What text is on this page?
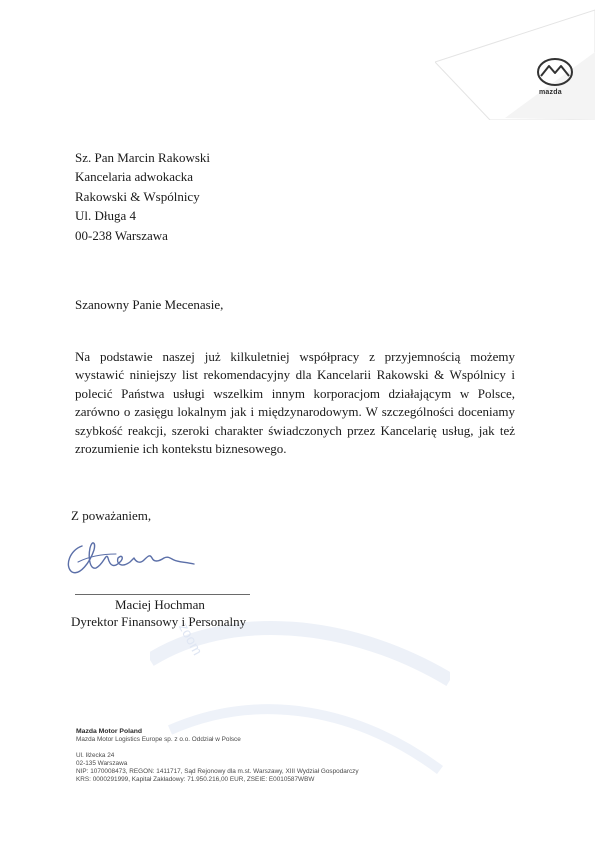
mazda
zoom
Sz. Pan Marcin Rakowski
Kancelaria adwokacka
Rakowski & Wspólnicy
Ul. Długa 4
00-238 Warszawa
Szanowny Panie Mecenasie,
Na podstawie naszej już kilkuletniej współpracy z przyjemnością możemy wystawić niniejszy list rekomendacyjny dla Kancelarii Rakowski & Wspólnicy i polecić Państwa usługi wszelkim innym korporacjom działającym w Polsce, zarówno o zasięgu lokalnym jak i międzynarodowym. W szczególności doceniamy szybkość reakcji, szeroki charakter świadczonych przez Kancelarię usług, jak też zrozumienie ich kontekstu biznesowego.
Z poważaniem,
Maciej Hochman
Dyrektor Finansowy i Personalny
Mazda Motor Poland
Mazda Motor Logistics Europe sp. z o.o. Oddział w Polsce
Ul. Iłżecka 24
02-135 Warszawa
NIP: 1070008473, REGON: 1411717, Sąd Rejonowy dla m.st. Warszawy, XIII Wydział Gospodarczy
KRS: 0000291999, Kapitał Zakładowy: 71.950.216,00 EUR, ZSEIE: E0010587WBW
